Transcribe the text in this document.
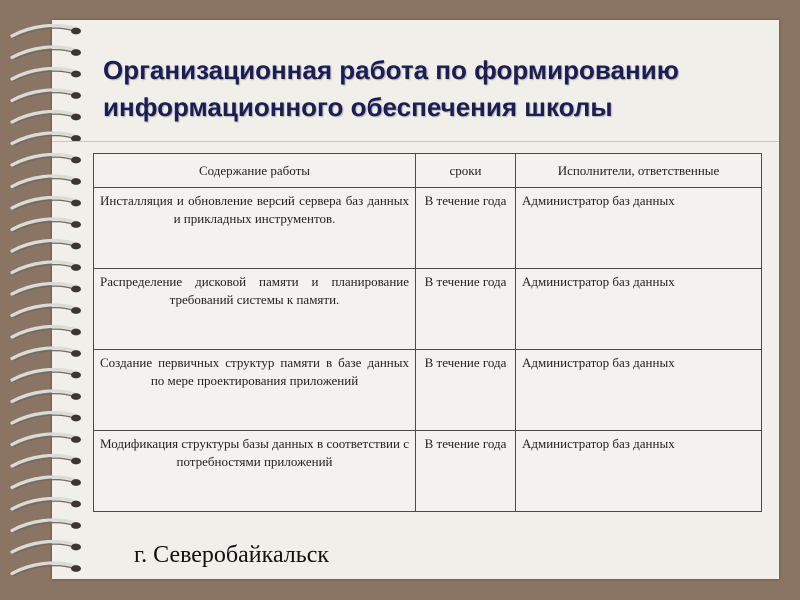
Организационная работа по формированию
информационного обеспечения школы
Содержание работы	сроки	Исполнители, ответственные
Инсталляция и обновление версий сервера баз данных и прикладных инструментов.	В течение года	Администратор баз данных
Распределение дисковой памяти и планирование требований системы к памяти.	В течение года	Администратор баз данных
Создание первичных структур памяти в базе данных по мере проектирования приложений	В течение года	Администратор баз данных
Модификация структуры базы данных в соответствии с потребностями приложений	В течение года	Администратор баз данных
г. Северобайкальск
